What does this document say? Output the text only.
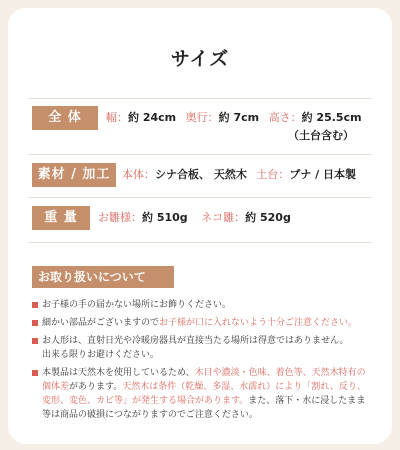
サイズ
全 体	幅：約 24cm 奥行：約 7cm 高さ：約 25.5cm
（土台含む）
素材 / 加工	本体：シナ合板、 天然木 土台：ブナ / 日本製
重 量	お雛様：約 510g ネコ雛：約 520g
お取り扱いについて
お子様の手の届かない場所にお飾りください。
細かい部品がございますのでお子様が口に入れないよう十分ご注意ください。
お人形は、直射日光や冷暖房器具が直接当たる場所は得意ではありません。
出来る限りお避けください。
本製品は天然木を使用しているため、木目や濃淡・色味、着色等、天然木特有の個体差があります。天然木は条件（乾燥、多湿、水濡れ）により「割れ、反り、変形、変色、カビ等」が発生する場合があります。また、落下・水に浸したまま等は商品の破損につながりますのでご注意ください。
